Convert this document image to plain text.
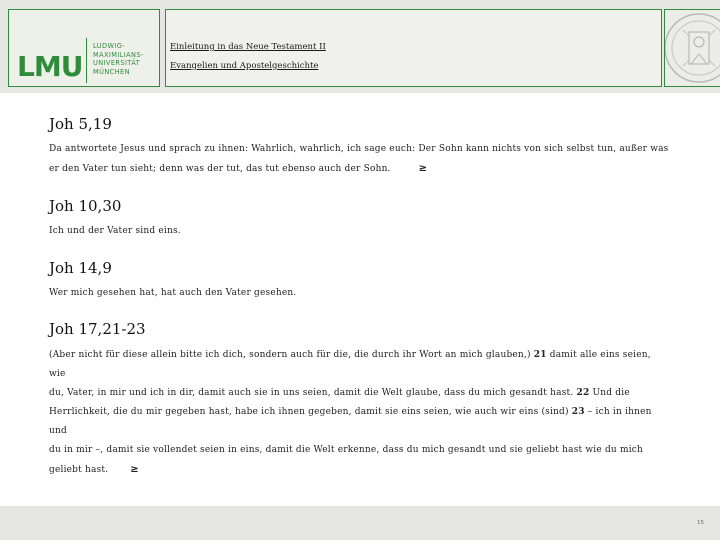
LMU
LUDWIG-
MAXIMILIANS-
UNIVERSITÄT
MÜNCHEN
Einleitung in das Neue Testament II
Evangelien und Apostelgeschichte
Joh 5,19
Da antwortete Jesus und sprach zu ihnen: Wahrlich, wahrlich, ich sage euch: Der Sohn kann nichts von sich selbst tun, außer was
er den Vater tun sieht; denn was der tut, das tut ebenso auch der Sohn.	≥
Joh 10,30
Ich und der Vater sind eins.
Joh 14,9
Wer mich gesehen hat, hat auch den Vater gesehen.
Joh 17,21-23
(Aber nicht für diese allein bitte ich dich, sondern auch für die, die durch ihr Wort an mich glauben,) 21 damit alle eins seien, wie
du, Vater, in mir und ich in dir, damit auch sie in uns seien, damit die Welt glaube, dass du mich gesandt hast. 22 Und die
Herrlichkeit, die du mir gegeben hast, habe ich ihnen gegeben, damit sie eins seien, wie auch wir eins (sind) 23 – ich in ihnen und
du in mir –, damit sie vollendet seien in eins, damit die Welt erkenne, dass du mich gesandt und sie geliebt hast wie du mich
geliebt hast. ≥
15
